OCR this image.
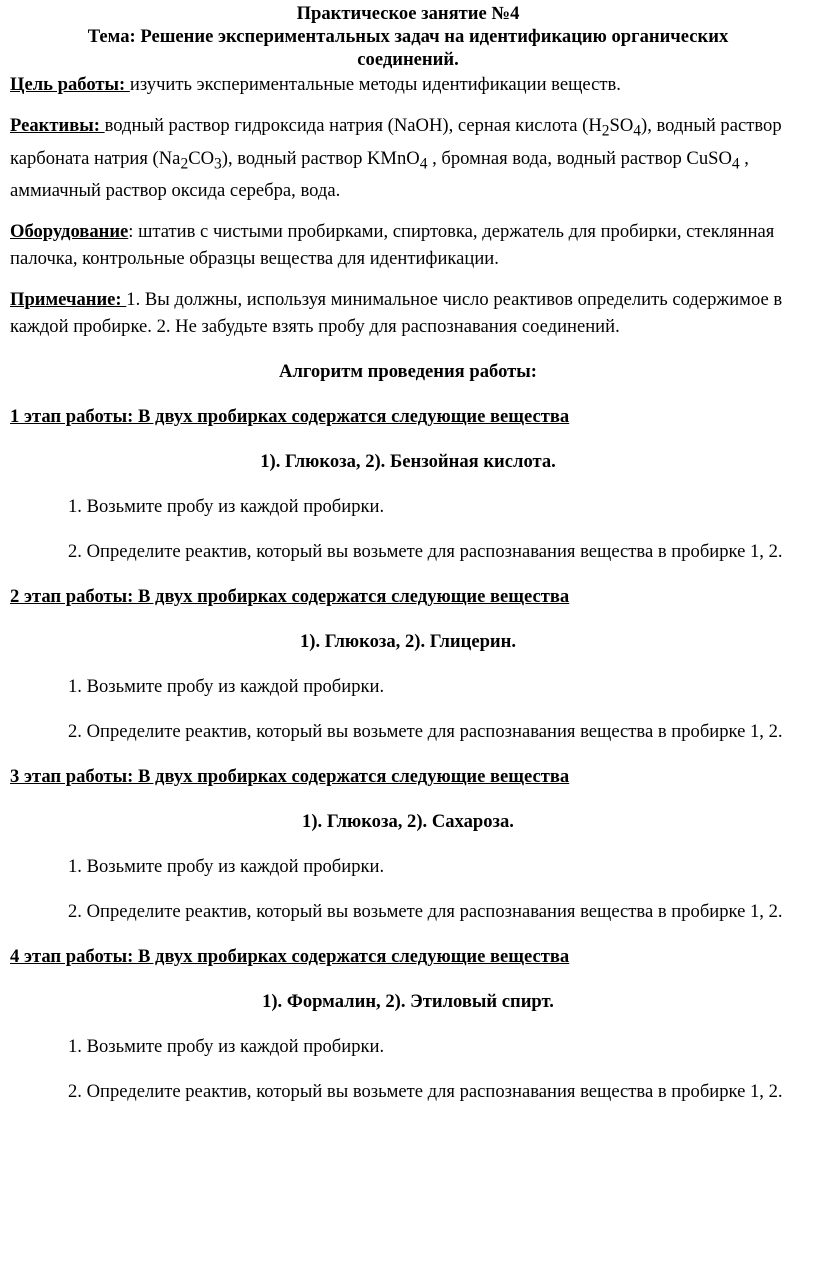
Практическое занятие №4

Тема: Решение экспериментальных задач на идентификацию органических соединений.

Цель работы: изучить экспериментальные методы идентификации веществ.

Реактивы: водный раствор гидроксида натрия (NaOH), серная кислота $(H_2SO_4)$, водный раствор карбоната натрия $(Na_2CO_3)$, водный раствор KMnO$_4$ , бромная вода, водный раствор CuSO$_4$ , аммиачный раствор оксида серебра, вода.

Оборудование: штатив с чистыми пробирками, спиртовка, держатель для пробирки, стеклянная палочка, контрольные образцы вещества для идентификации.

Примечание: 1. Вы должны, используя минимальное число реактивов определить содержимое в каждой пробирке. 2. Не забудьте взять пробу для распознавания соединений.

Алгоритм проведения работы:

1 этап работы: В двух пробирках содержатся следующие вещества

1). Глюкоза, 2). Бензойная кислота.

1. Возьмите пробу из каждой пробирки.

2. Определите реактив, который вы возьмете для распознавания вещества в пробирке 1, 2.

2 этап работы: В двух пробирках содержатся следующие вещества

1). Глюкоза, 2). Глицерин.

1. Возьмите пробу из каждой пробирки.

2. Определите реактив, который вы возьмете для распознавания вещества в пробирке 1, 2.

3 этап работы: В двух пробирках содержатся следующие вещества

1). Глюкоза, 2). Сахароза.

1. Возьмите пробу из каждой пробирки.

2. Определите реактив, который вы возьмете для распознавания вещества в пробирке 1, 2.

4 этап работы: В двух пробирках содержатся следующие вещества

1). Формалин, 2). Этиловый спирт.

1. Возьмите пробу из каждой пробирки.

2. Определите реактив, который вы возьмете для распознавания вещества в пробирке 1, 2.
